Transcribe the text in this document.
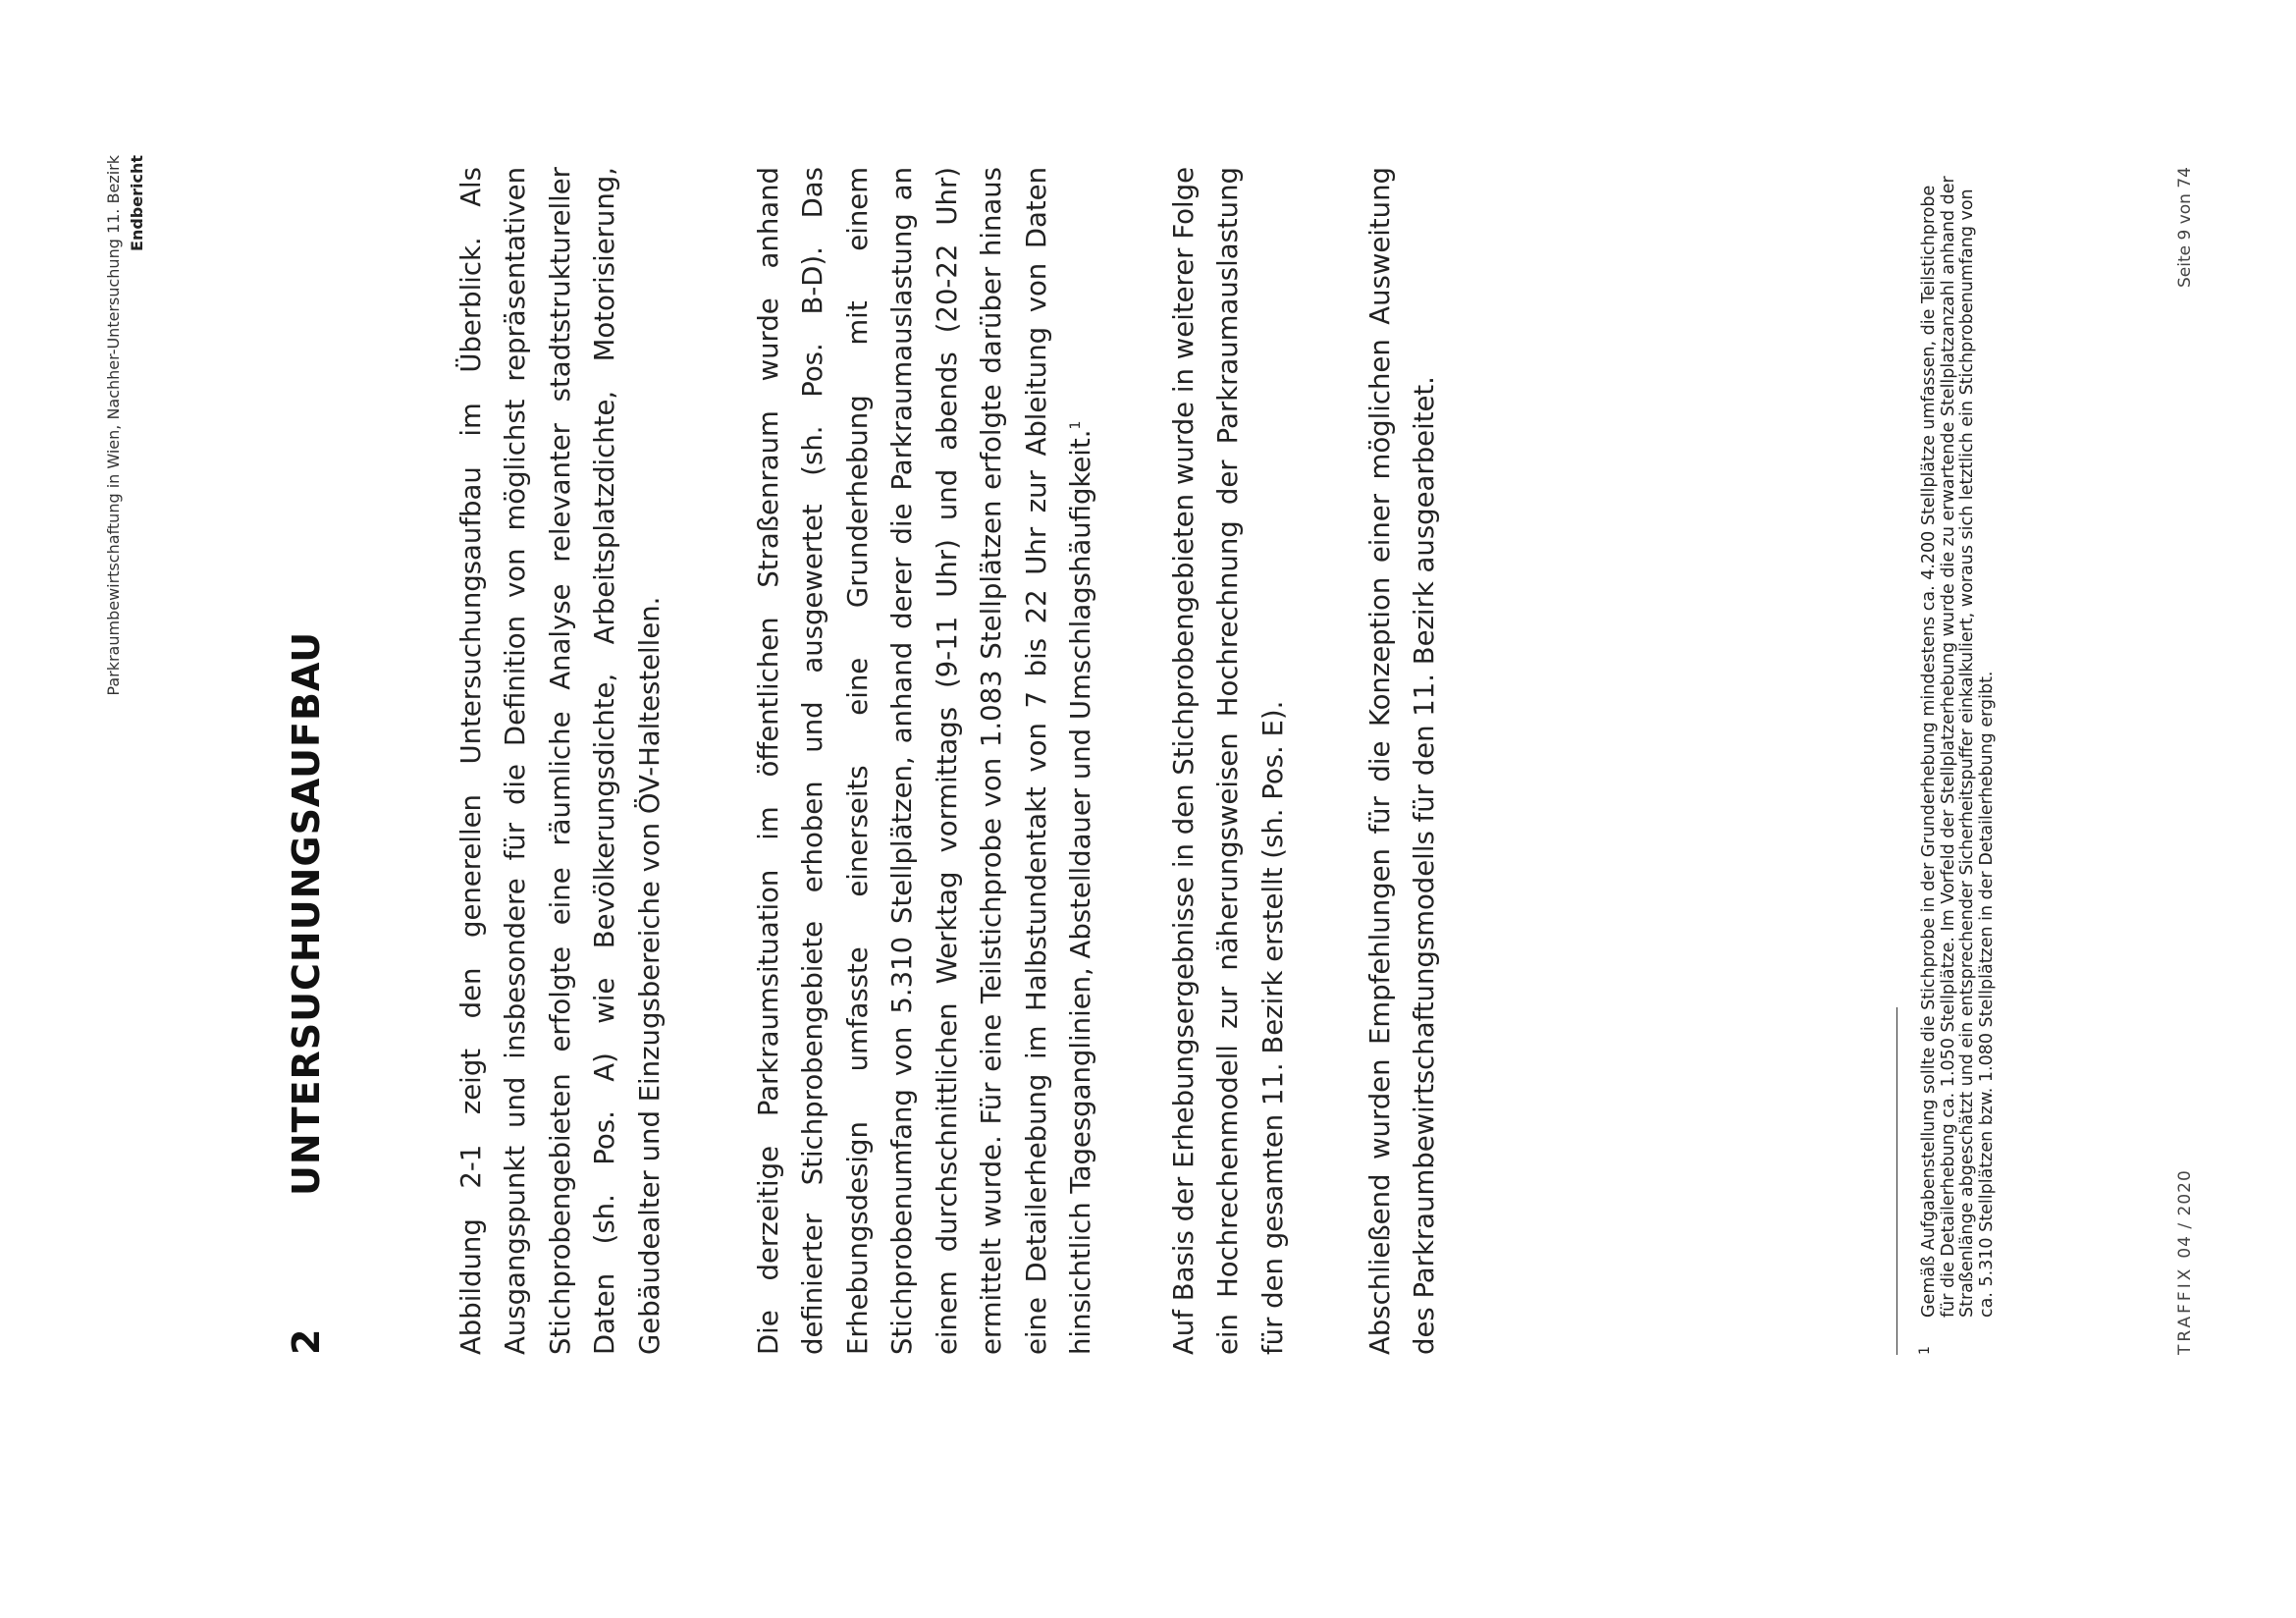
Parkraumbewirtschaftung in Wien, Nachher-Untersuchung 11. Bezirk Endbericht
2UNTERSUCHUNGSAUFBAU	Abbildung 2-1 zeigt den generellen Untersuchungsaufbau im Überblick. Als Ausgangspunkt und insbesondere für die Definition von möglichst repräsentativen Stichprobengebieten erfolgte eine räumliche Analyse relevanter stadtstruktureller Daten (sh. Pos. A) wie Bevölkerungsdichte, Arbeitsplatzdichte, Motorisierung, Gebäudealter und Einzugsbereiche von ÖV-Haltestellen.	Die derzeitige Parkraumsituation im öffentlichen Straßenraum wurde anhand definierter Stichprobengebiete erhoben und ausgewertet (sh. Pos. B-D). Das Erhebungsdesign umfasste einerseits eine Grunderhebung mit einem Stichprobenumfang von 5.310 Stellplätzen, anhand derer die Parkraumauslastung an einem durchschnittlichen Werktag vormittags (9-11 Uhr) und abends (20-22 Uhr) ermittelt wurde. Für eine Teilstichprobe von 1.083 Stellplätzen erfolgte darüber hinaus eine Detailerhebung im Halbstundentakt von 7 bis 22 Uhr zur Ableitung von Daten hinsichtlich Tagesganglinien, Abstelldauer und Umschlagshäufigkeit.$^1$	Auf Basis der Erhebungsergebnisse in den Stichprobengebieten wurde in weiterer Folge ein Hochrechenmodell zur näherungsweisen Hochrechnung der Parkraumauslastung für den gesamten 11. Bezirk erstellt (sh. Pos. E).	Abschließend wurden Empfehlungen für die Konzeption einer möglichen Ausweitung des Parkraumbewirtschaftungsmodells für den 11. Bezirk ausgearbeitet.	1
Gemäß Aufgabenstellung sollte die Stichprobe in der Grunderhebung mindestens ca. 4.200 Stellplätze umfassen, die Teilstichprobe für die Detailerhebung ca. 1.050 Stellplätze. Im Vorfeld der Stellplatzerhebung wurde die zu erwartende Stellplatzanzahl anhand der Straßenlänge abgeschätzt und ein entsprechender Sicherheitspuffer einkalkuliert, woraus sich letztlich ein Stichprobenumfang von ca. 5.310 Stellplätzen bzw. 1.080 Stellplätzen in der Detailerhebung ergibt.	TRAFFIX04 / 2020
Seite 9 von 74
